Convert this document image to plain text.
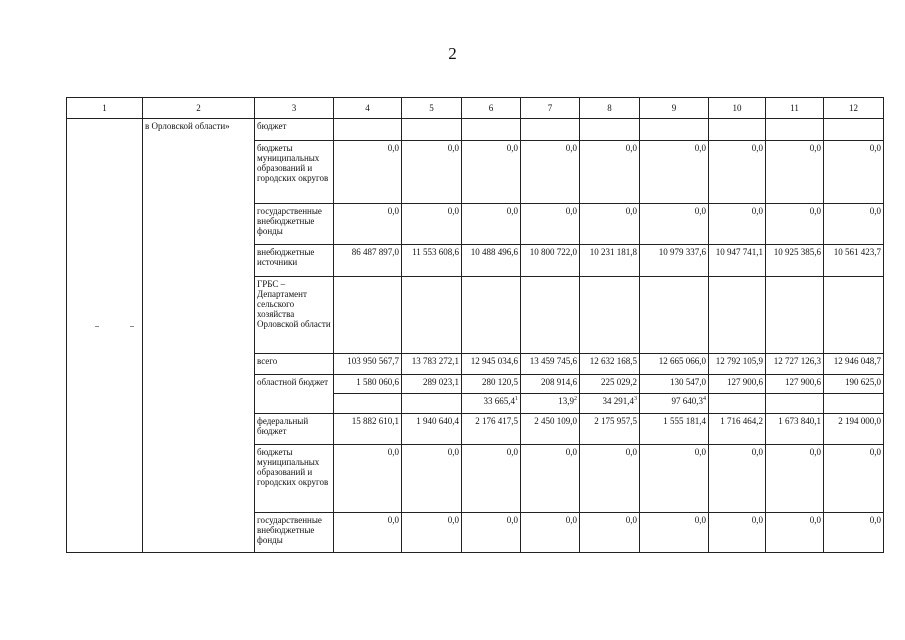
2
1	2	3	4	5	6	7	8	9	10	11	12
	в Орловской области»	бюджет									
		бюджеты муниципальных образований и городских округов	0,0	0,0	0,0	0,0	0,0	0,0	0,0	0,0	0,0
		государственные внебюджетные фонды	0,0	0,0	0,0	0,0	0,0	0,0	0,0	0,0	0,0
		внебюджетные источники	86 487 897,0	11 553 608,6	10 488 496,6	10 800 722,0	10 231 181,8	10 979 337,6	10 947 741,1	10 925 385,6	10 561 423,7
		ГРБС – Департамент сельского хозяйства Орловской области									
		всего	103 950 567,7	13 783 272,1	12 945 034,6	13 459 745,6	12 632 168,5	12 665 066,0	12 792 105,9	12 727 126,3	12 946 048,7
		областной бюджет	1 580 060,6	289 023,1	280 120,5	208 914,6	225 029,2	130 547,0	127 900,6	127 900,6	190 625,0
					33 665,4$^1$	13,9$^2$	34 291,4$^3$	97 640,3$^4$			
		федеральный бюджет	15 882 610,1	1 940 640,4	2 176 417,5	2 450 109,0	2 175 957,5	1 555 181,4	1 716 464,2	1 673 840,1	2 194 000,0
		бюджеты муниципальных образований и городских округов	0,0	0,0	0,0	0,0	0,0	0,0	0,0	0,0	0,0
		государственные внебюджетные фонды	0,0	0,0	0,0	0,0	0,0	0,0	0,0	0,0	0,0
